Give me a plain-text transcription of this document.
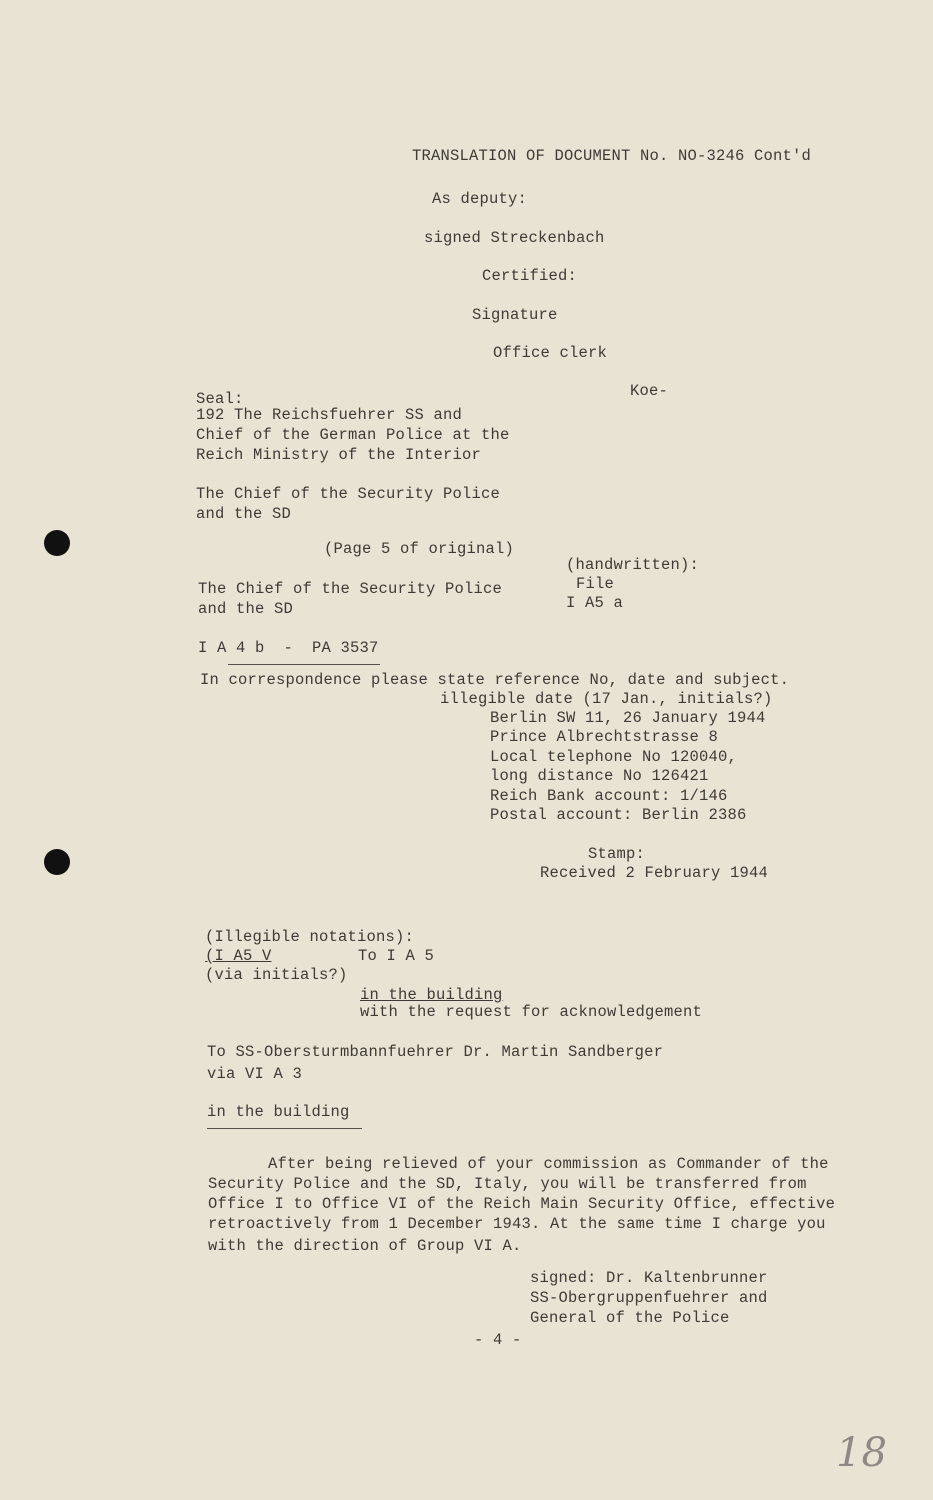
TRANSLATION OF DOCUMENT No. NO-3246 Cont'd
As deputy:
signed Streckenbach
Certified:
Signature
Office clerk
Koe-
Seal:
192 The Reichsfuehrer SS and
Chief of the German Police at the
Reich Ministry of the Interior
The Chief of the Security Police
and the SD
(Page 5 of original)
The Chief of the Security Police
and the SD
(handwritten):
File
I A5 a
I A 4 b  -  PA 3537
In correspondence please state reference No, date and subject.
illegible date (17 Jan., initials?)
Berlin SW 11, 26 January 1944
Prince Albrechtstrasse 8
Local telephone No 120040,
long distance No 126421
Reich Bank account: 1/146
Postal account: Berlin 2386
Stamp:
Received 2 February 1944
(Illegible notations):
(I A5 V	To I A 5
(via initials?)
in the building
with the request for acknowledgement
To SS-Obersturmbannfuehrer Dr. Martin Sandberger
via VI A 3
in the building
After being relieved of your commission as Commander of the
Security Police and the SD, Italy, you will be transferred from
Office I to Office VI of the Reich Main Security Office, effective
retroactively from 1 December 1943. At the same time I charge you
with the direction of Group VI A.
signed: Dr. Kaltenbrunner
SS-Obergruppenfuehrer and
General of the Police
- 4 -
18
